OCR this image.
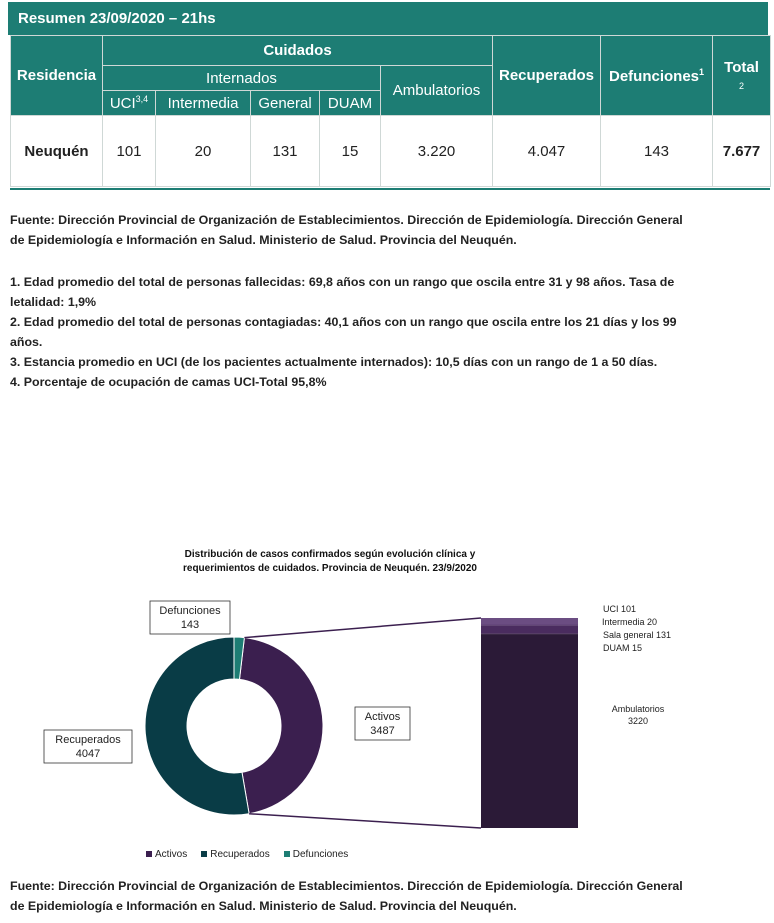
Resumen 23/09/2020 – 21hs
Residencia	Cuidados					Recuperados	Defunciones$^1$	Total
2
	Internados				Ambulatorios			
	UCI$^{3,4}$	Intermedia	General	DUAM				
Neuquén	101	20	131	15	3.220	4.047	143	7.677
Fuente: Dirección Provincial de Organización de Establecimientos. Dirección de Epidemiología. Dirección General
de Epidemiología e Información en Salud. Ministerio de Salud. Provincia del Neuquén.
1. Edad promedio del total de personas fallecidas: 69,8 años con un rango que oscila entre 31 y 98 años. Tasa de
letalidad: 1,9%
2. Edad promedio del total de personas contagiadas: 40,1 años con un rango que oscila entre los 21 días y los 99
años.
3. Estancia promedio en UCI (de los pacientes actualmente internados): 10,5 días con un rango de 1 a 50 días.
4. Porcentaje de ocupación de camas UCI-Total 95,8%
Distribución de casos confirmados según evolución clínica y
requerimientos de cuidados. Provincia de Neuquén. 23/9/2020
UCI 101
Intermedia 20
Sala general 131
DUAM 15
Ambulatorios
3220
Defunciones
143
Recuperados
4047
Activos
3487
Activos	Recuperados	Defunciones
Fuente: Dirección Provincial de Organización de Establecimientos. Dirección de Epidemiología. Dirección General
de Epidemiología e Información en Salud. Ministerio de Salud. Provincia del Neuquén.
